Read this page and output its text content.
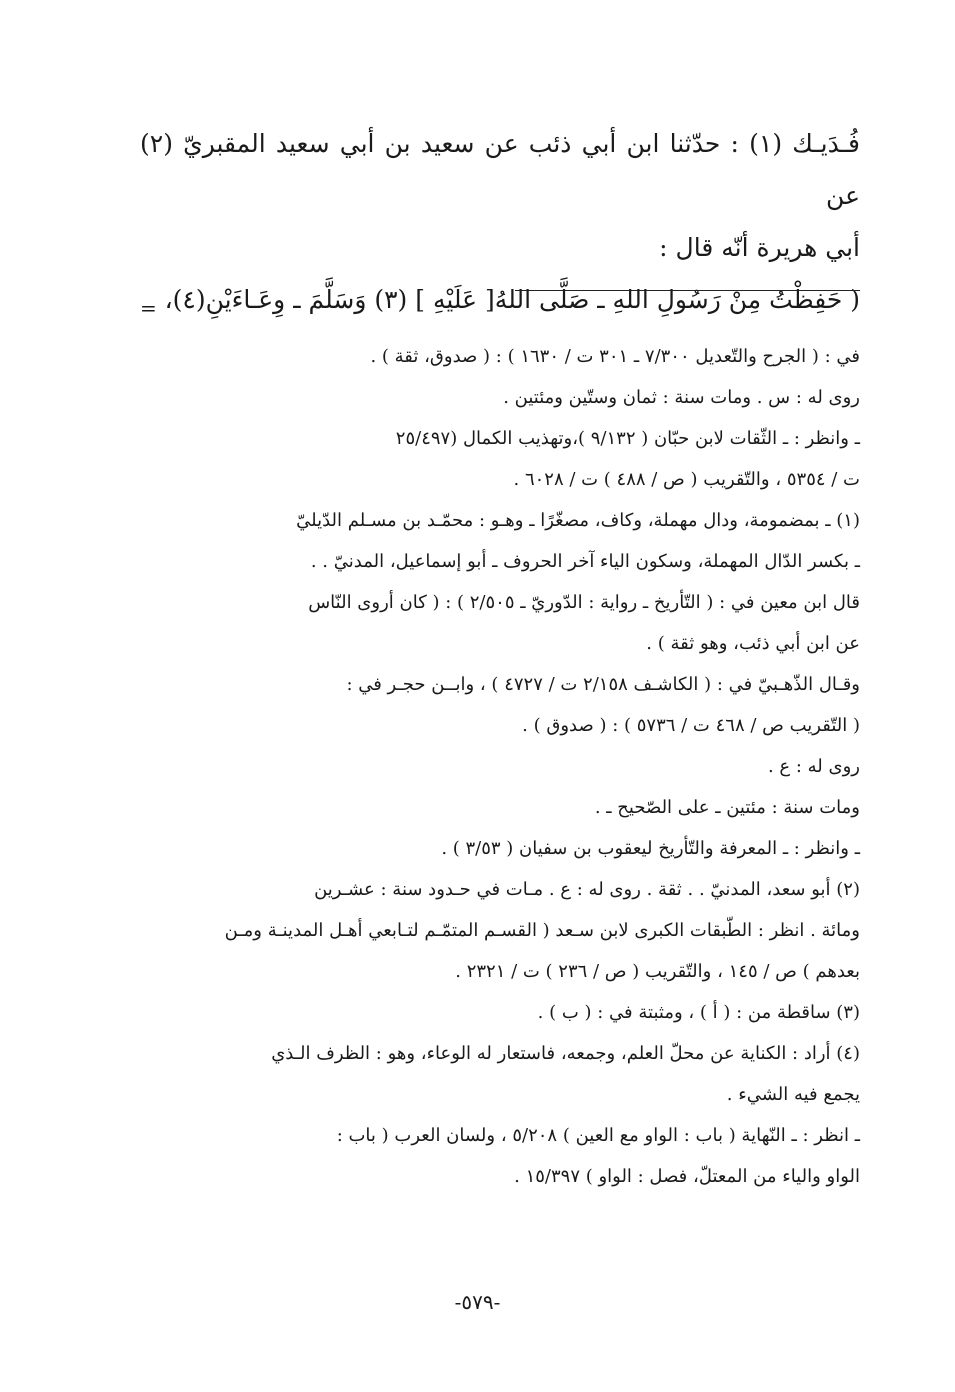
فُـدَيـك (١) : حدّثنا ابن أبي ذئب عن سعيد بن أبي سعيد المقبريّ (٢) عن

أبي هريرة أنّه قال :

( حَفِظْتُ مِنْ رَسُولِ اللهِ ـ صَلَّى اللهُ[ عَلَيْهِ ] (٣) وَسَلَّمَ ـ وِعَـاءَيْنِ(٤)،

=

في : ( الجرح والتّعديل ٧/٣٠٠ ـ ٣٠١ ت / ١٦٣٠ ) : ( صدوق، ثقة ) .

روى له : س . ومات سنة : ثمان وستّين ومئتين .

ـ وانظر : ـ الثّقات لابن حبّان ( ٩/١٣٢ )،وتهذيب الكمال (٢٥/٤٩٧

ت / ٥٣٥٤ ، والتّقريب ( ص / ٤٨٨ ) ت / ٦٠٢٨ .

(١) ـ بمضمومة، ودال مهملة، وكاف، مصغّرًا ـ وهـو : محمّـد بن مسـلم الدّيليّ

ـ بكسر الدّال المهملة، وسكون الياء آخر الحروف ـ أبو إسماعيل، المدنيّ . .

قال ابن معين في : ( التّأريخ ـ رواية : الدّوريّ ـ ٢/٥٠٥ ) : ( كان أروى النّاس

عن ابن أبي ذئب، وهو ثقة ) .

وقـال الذّهـبيّ في : ( الكاشـف ٢/١٥٨ ت / ٤٧٢٧ ) ، وابــن حجـر في :

( التّقريب ص / ٤٦٨ ت / ٥٧٣٦ ) : ( صدوق ) .

روى له : ع .

ومات سنة : مئتين ـ على الصّحيح ـ .

ـ وانظر : ـ المعرفة والتّأريخ ليعقوب بن سفيان ( ٣/٥٣ ) .

(٢) أبو سعد، المدنيّ . . ثقة . روى له : ع . مـات في حـدود سنة : عشـرين

ومائة . انظر : الطّبقات الكبرى لابن سـعد ( القسـم المتمّـم لتـابعي أهـل المدينـة ومـن

بعدهم ) ص / ١٤٥ ، والتّقريب ( ص / ٢٣٦ ) ت / ٢٣٢١ .

(٣) ساقطة من : ( أ ) ، ومثبتة في : ( ب ) .

(٤) أراد : الكناية عن محلّ العلم، وجمعه، فاستعار له الوعاء، وهو : الظرف الـذي

يجمع فيه الشيء .

ـ انظر : ـ النّهاية ( باب : الواو مع العين ) ٥/٢٠٨ ، ولسان العرب ( باب :

الواو والياء من المعتلّ، فصل : الواو ) ١٥/٣٩٧ .

-٥٧٩-
